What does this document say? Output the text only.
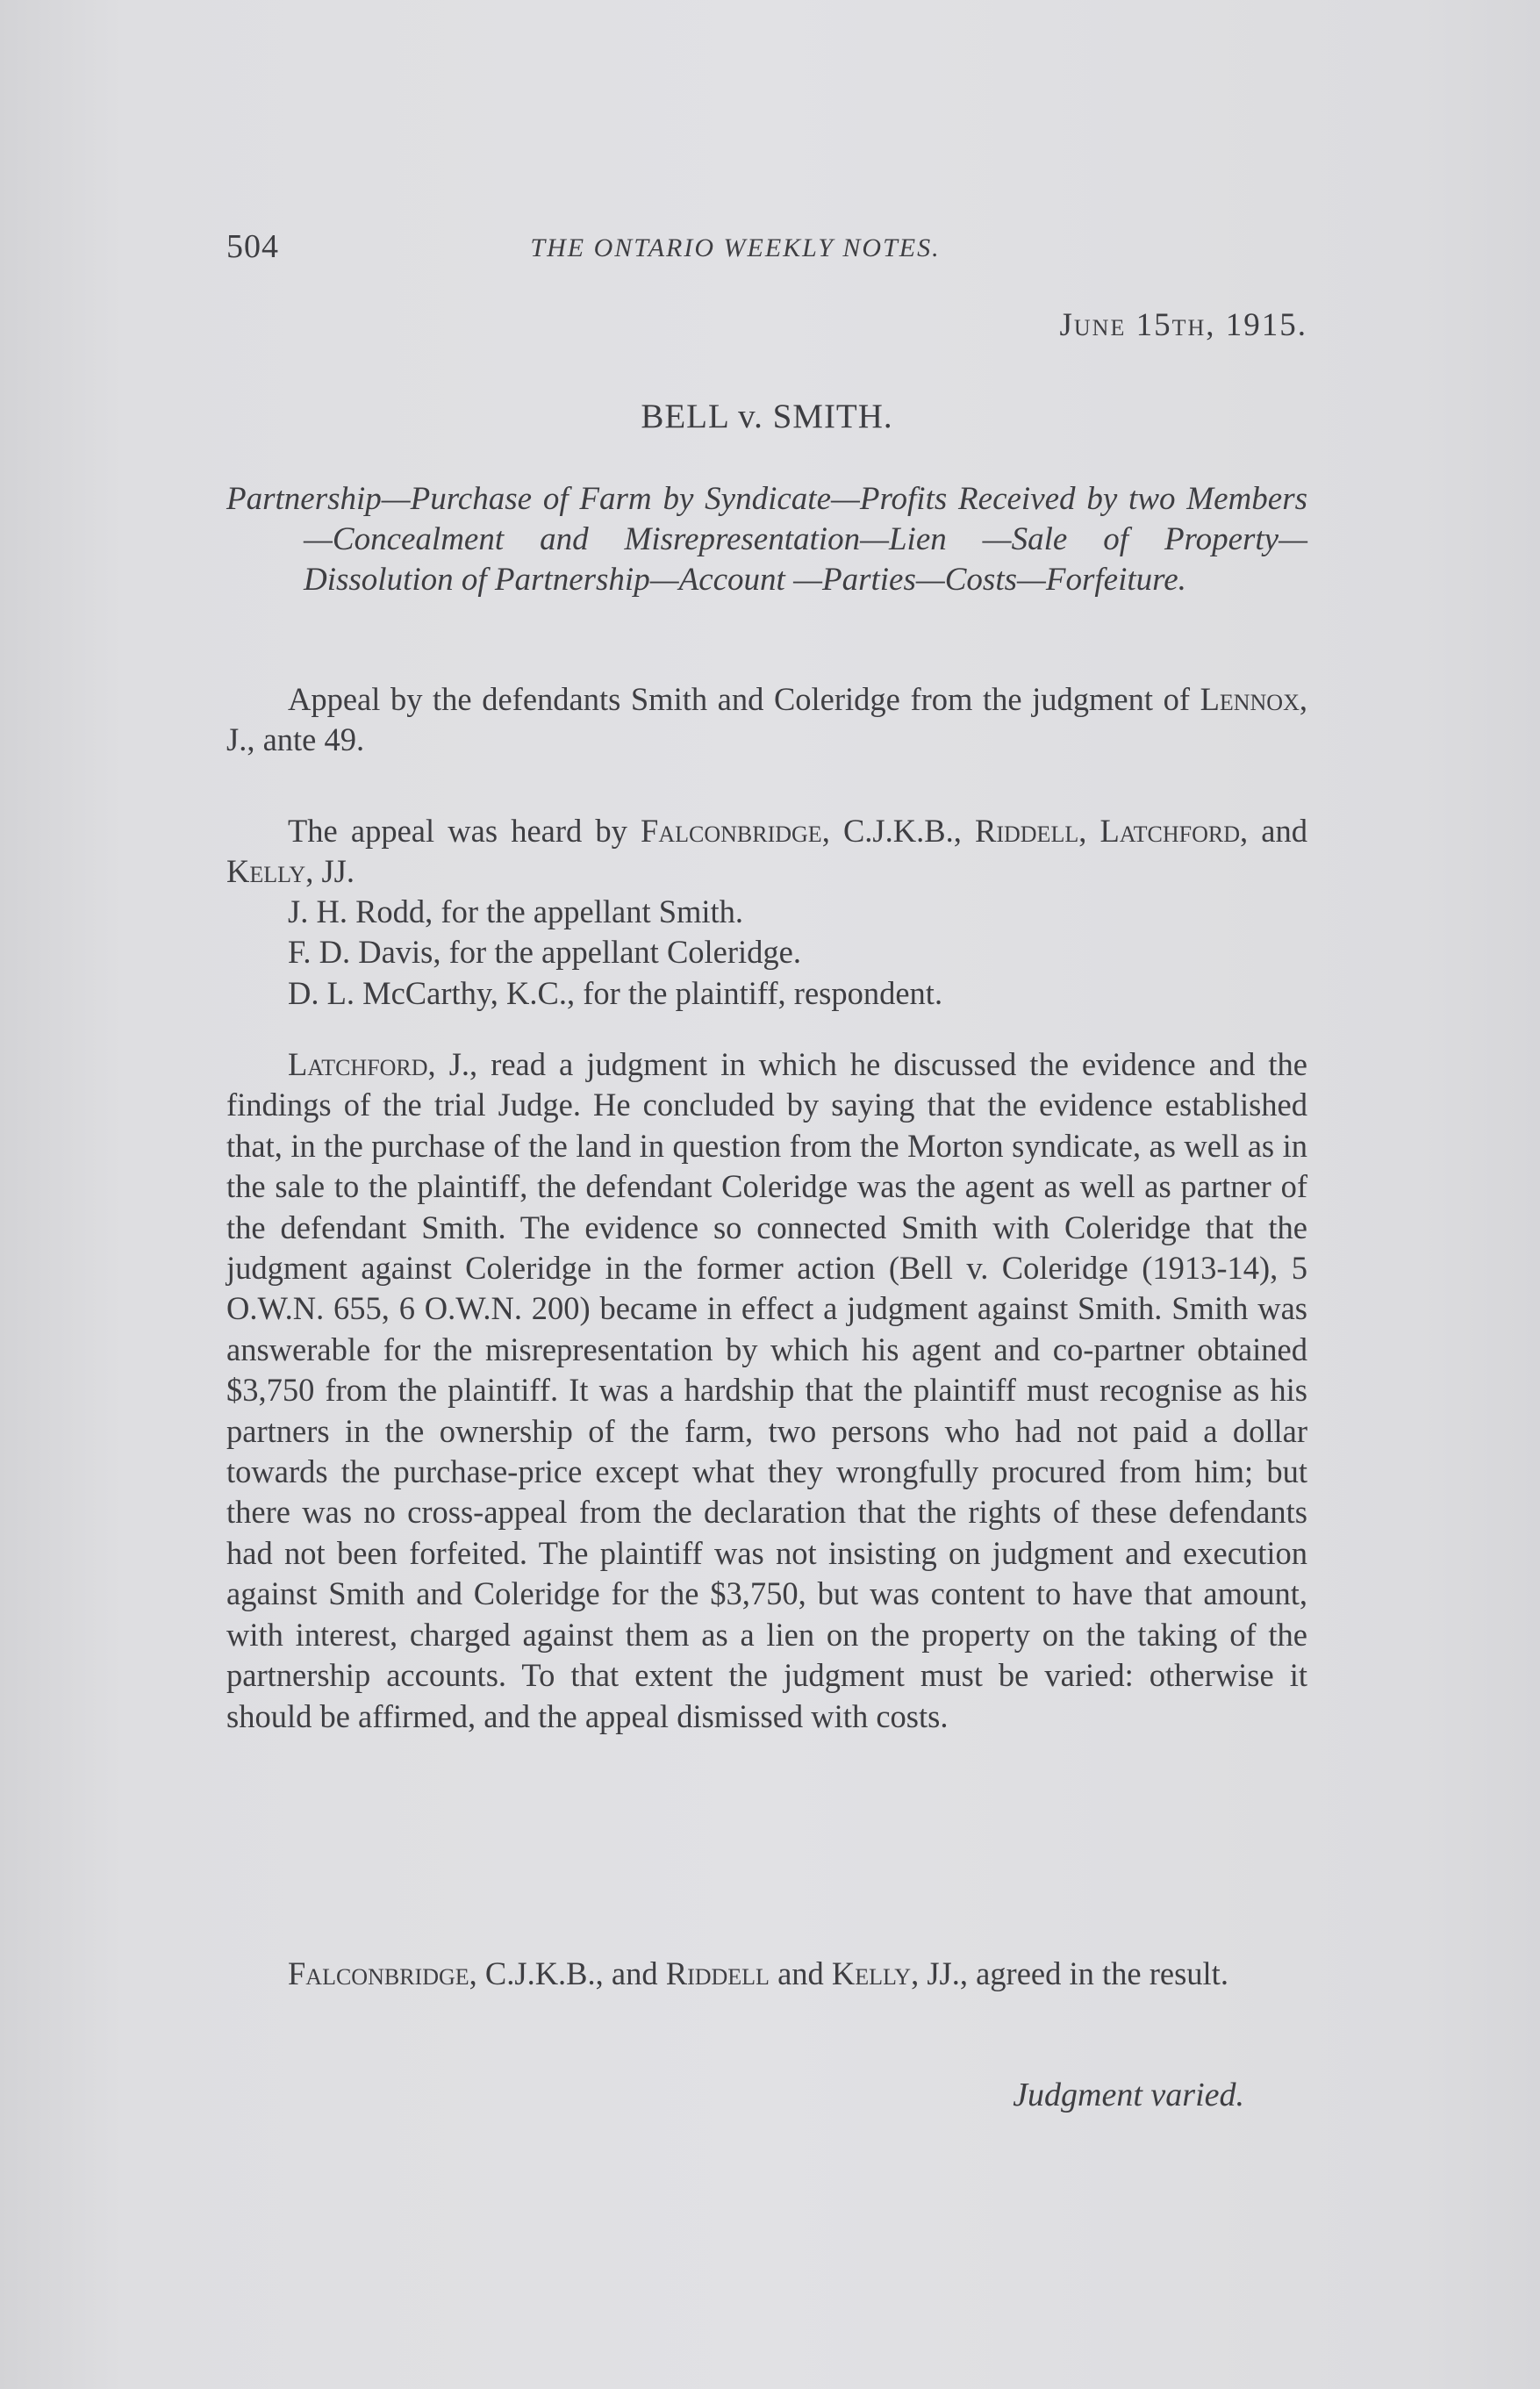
504	THE ONTARIO WEEKLY NOTES.
June 15th, 1915.
BELL v. SMITH.

Partnership—Purchase of Farm by Syndicate—Profits Received by two Members—Concealment and Misrepresentation—Lien —Sale of Property—Dissolution of Partnership—Account —Parties—Costs—Forfeiture.

Appeal by the defendants Smith and Coleridge from the judgment of Lennox, J., ante 49.

The appeal was heard by Falconbridge, C.J.K.B., Riddell, Latchford, and Kelly, JJ.

J. H. Rodd, for the appellant Smith.
F. D. Davis, for the appellant Coleridge.
D. L. McCarthy, K.C., for the plaintiff, respondent.

Latchford, J., read a judgment in which he discussed the evidence and the findings of the trial Judge. He concluded by saying that the evidence established that, in the purchase of the land in question from the Morton syndicate, as well as in the sale to the plaintiff, the defendant Coleridge was the agent as well as partner of the defendant Smith. The evidence so connected Smith with Coleridge that the judgment against Coleridge in the former action (Bell v. Coleridge (1913-14), 5 O.W.N. 655, 6 O.W.N. 200) became in effect a judgment against Smith. Smith was answerable for the misrepresentation by which his agent and co-partner obtained $3,750 from the plaintiff. It was a hardship that the plaintiff must recognise as his partners in the ownership of the farm, two persons who had not paid a dollar towards the purchase-price except what they wrongfully procured from him; but there was no cross-appeal from the declaration that the rights of these defendants had not been forfeited. The plaintiff was not insisting on judgment and execution against Smith and Coleridge for the $3,750, but was content to have that amount, with interest, charged against them as a lien on the property on the taking of the partnership accounts. To that extent the judgment must be varied: otherwise it should be affirmed, and the appeal dismissed with costs.

Falconbridge, C.J.K.B., and Riddell and Kelly, JJ., agreed in the result.

Judgment varied.
